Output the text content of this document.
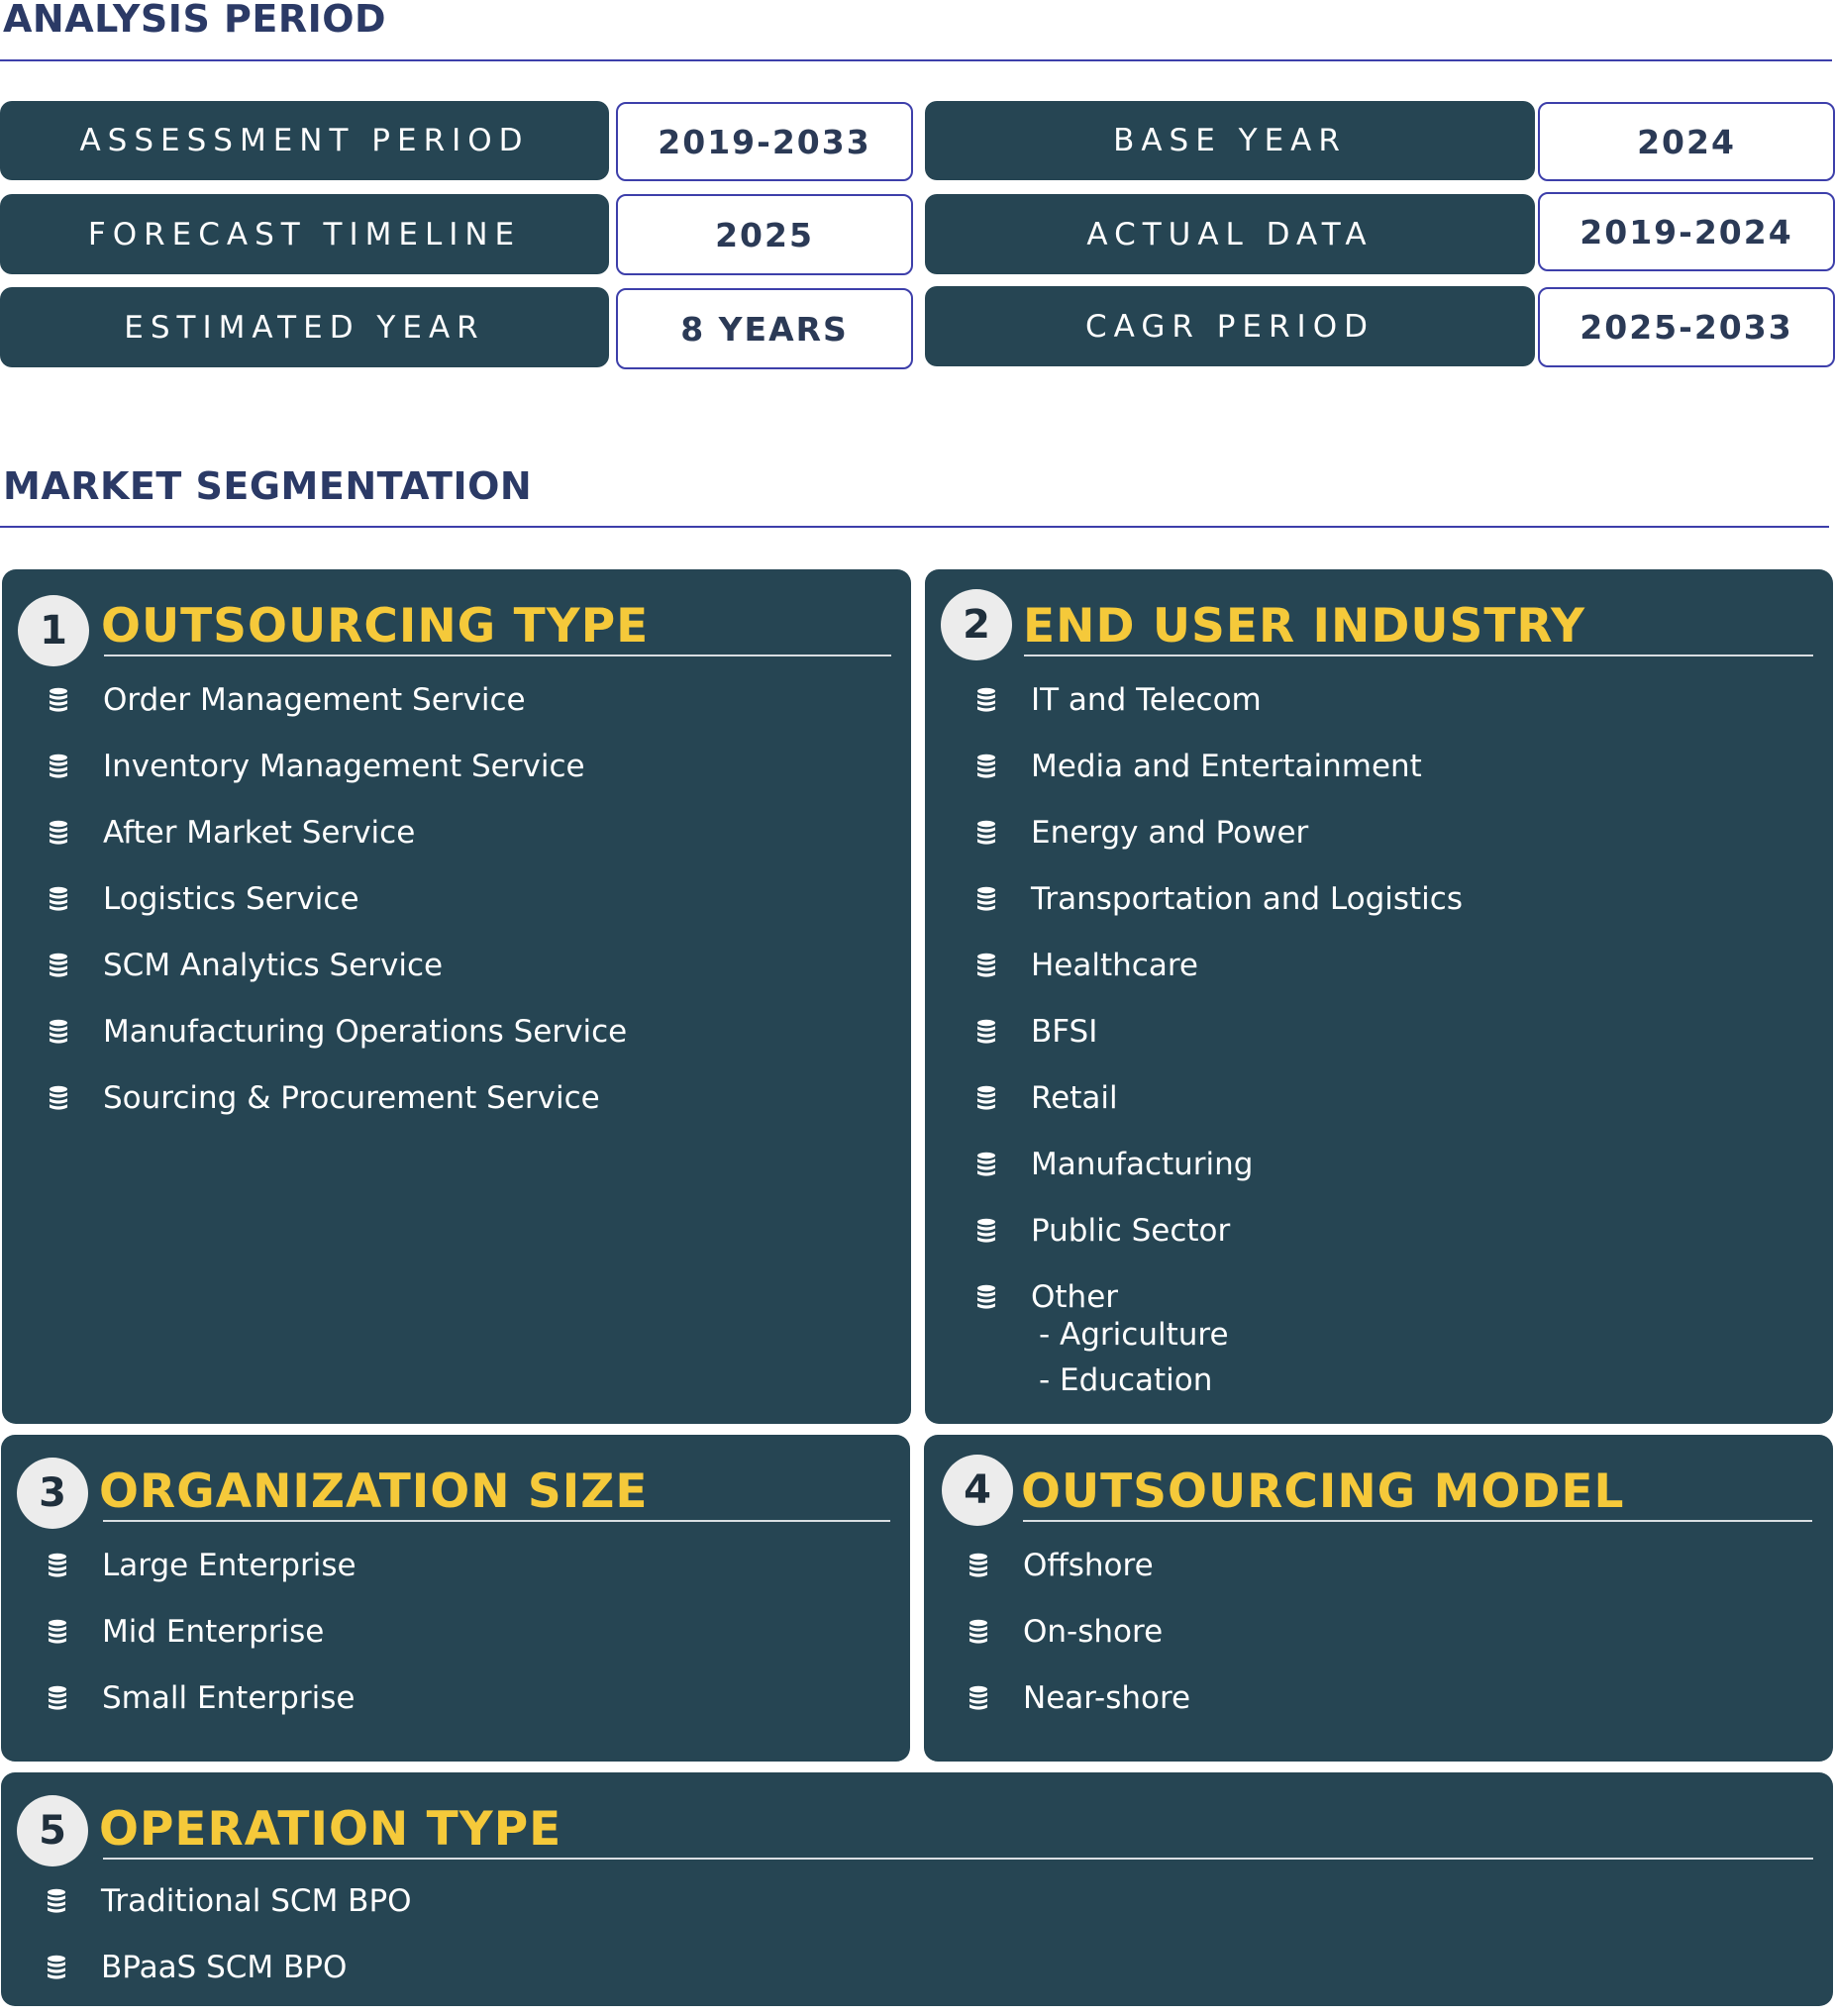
ANALYSIS PERIOD
ASSESSMENT PERIOD	2019-2033	BASE YEAR	2024
FORECAST TIMELINE	2025	ACTUAL DATA	2019-2024
ESTIMATED YEAR	8 YEARS	CAGR PERIOD	2025-2033
MARKET SEGMENTATION
1 OUTSOURCING TYPE
Order Management Service
Inventory Management Service
After Market Service
Logistics Service
SCM Analytics Service
Manufacturing Operations Service
Sourcing & Procurement Service
2 END USER INDUSTRY
IT and Telecom
Media and Entertainment
Energy and Power
Transportation and Logistics
Healthcare
BFSI
Retail
Manufacturing
Public Sector
Other
- Agriculture
- Education
3 ORGANIZATION SIZE
Large Enterprise
Mid Enterprise
Small Enterprise
4 OUTSOURCING MODEL
Offshore
On-shore
Near-shore
5 OPERATION TYPE
Traditional SCM BPO
BPaaS SCM BPO
